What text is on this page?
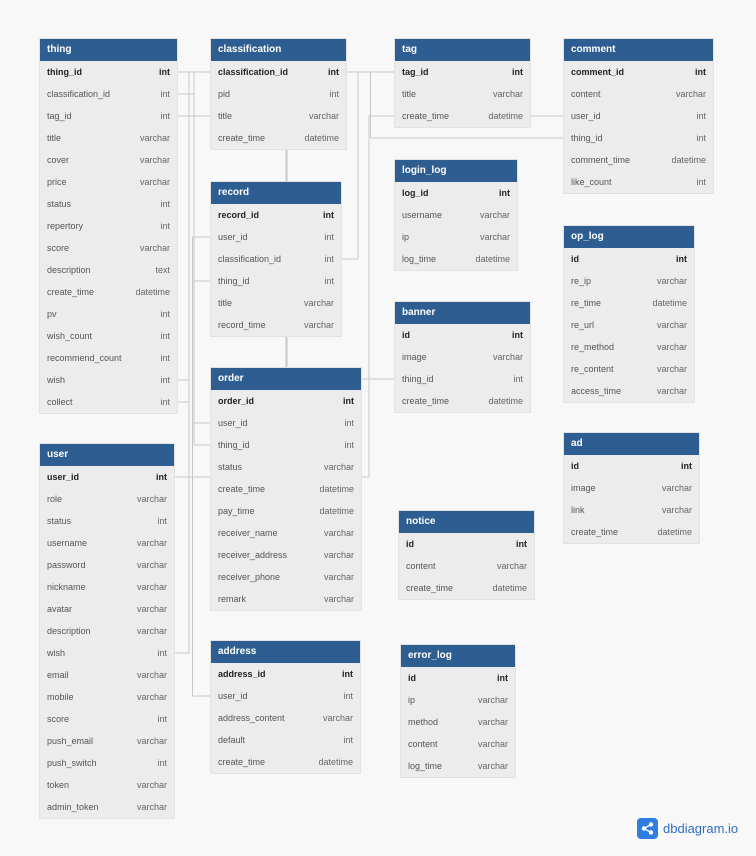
thing
thing_id	int
classification_id	int
tag_id	int
title	varchar
cover	varchar
price	varchar
status	int
repertory	int
score	varchar
description	text
create_time	datetime
pv	int
wish_count	int
recommend_count	int
wish	int
collect	int
classification
classification_id	int
pid	int
title	varchar
create_time	datetime
tag
tag_id	int
title	varchar
create_time	datetime
comment
comment_id	int
content	varchar
user_id	int
thing_id	int
comment_time	datetime
like_count	int
record
record_id	int
user_id	int
classification_id	int
thing_id	int
title	varchar
record_time	varchar
login_log
log_id	int
username	varchar
ip	varchar
log_time	datetime
op_log
id	int
re_ip	varchar
re_time	datetime
re_url	varchar
re_method	varchar
re_content	varchar
access_time	varchar
banner
id	int
image	varchar
thing_id	int
create_time	datetime
order
order_id	int
user_id	int
thing_id	int
status	varchar
create_time	datetime
pay_time	datetime
receiver_name	varchar
receiver_address	varchar
receiver_phone	varchar
remark	varchar
user
user_id	int
role	varchar
status	int
username	varchar
password	varchar
nickname	varchar
avatar	varchar
description	varchar
wish	int
email	varchar
mobile	varchar
score	int
push_email	varchar
push_switch	int
token	varchar
admin_token	varchar
ad
id	int
image	varchar
link	varchar
create_time	datetime
notice
id	int
content	varchar
create_time	datetime
address
address_id	int
user_id	int
address_content	varchar
default	int
create_time	datetime
error_log
id	int
ip	varchar
method	varchar
content	varchar
log_time	varchar
dbdiagram.io
